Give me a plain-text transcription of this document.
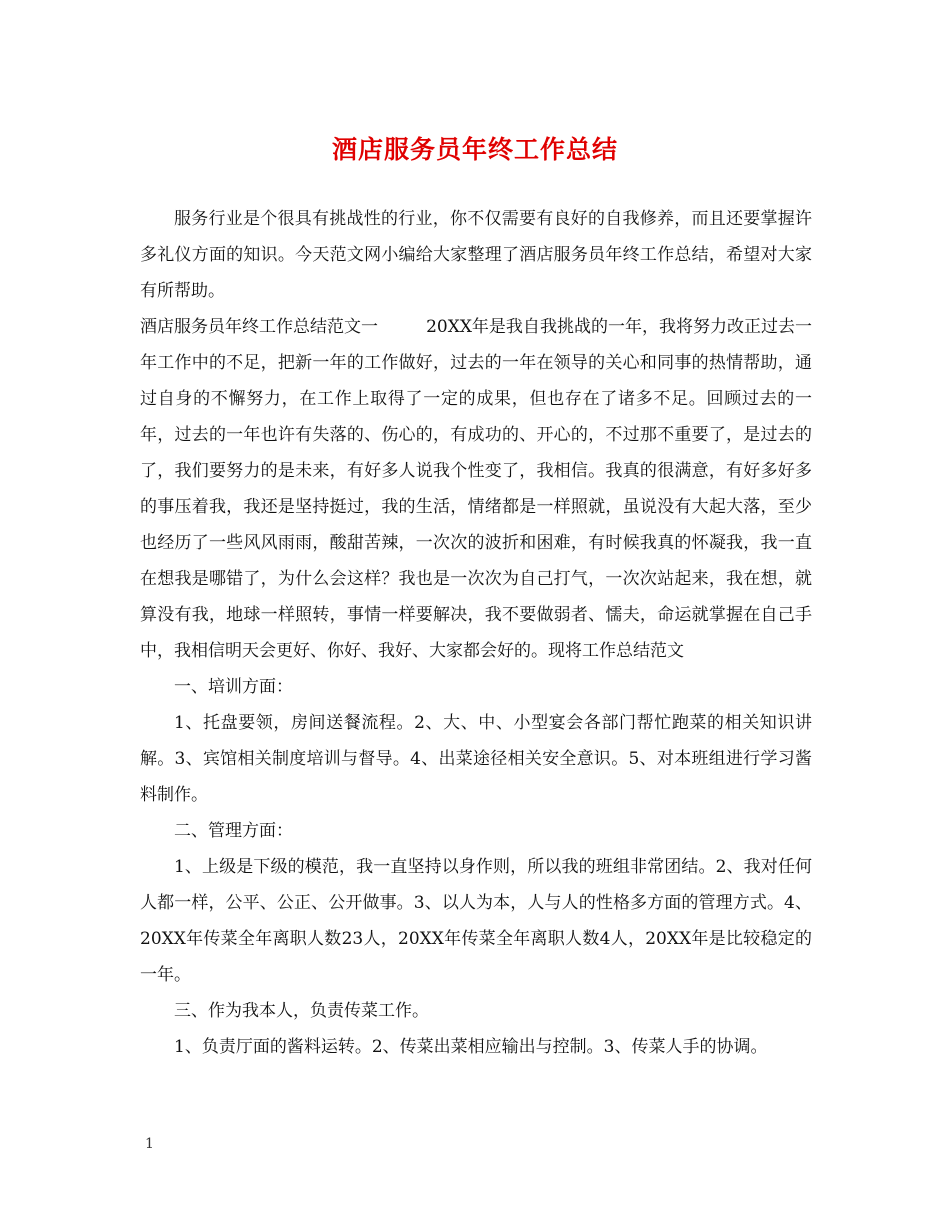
酒店服务员年终工作总结

服务行业是个很具有挑战性的行业，你不仅需要有良好的自我修养，而且还要掌握许多礼仪方面的知识。今天范文网小编给大家整理了酒店服务员年终工作总结，希望对大家有所帮助。

酒店服务员年终工作总结范文一	20XX年是我自我挑战的一年，我将努力改正过去一年工作中的不足，把新一年的工作做好，过去的一年在领导的关心和同事的热情帮助，通过自身的不懈努力，在工作上取得了一定的成果，但也存在了诸多不足。回顾过去的一年，过去的一年也许有失落的、伤心的，有成功的、开心的，不过那不重要了，是过去的了，我们要努力的是未来，有好多人说我个性变了，我相信。我真的很满意，有好多好多的事压着我，我还是坚持挺过，我的生活，情绪都是一样照就，虽说没有大起大落，至少也经历了一些风风雨雨，酸甜苦辣，一次次的波折和困难，有时候我真的怀凝我，我一直在想我是哪错了，为什么会这样？我也是一次次为自己打气，一次次站起来，我在想，就算没有我，地球一样照转，事情一样要解决，我不要做弱者、懦夫，命运就掌握在自己手中，我相信明天会更好、你好、我好、大家都会好的。现将工作总结范文

一、培训方面：

1、托盘要领，房间送餐流程。2、大、中、小型宴会各部门帮忙跑菜的相关知识讲解。3、宾馆相关制度培训与督导。4、出菜途径相关安全意识。5、对本班组进行学习酱料制作。

二、管理方面：

1、上级是下级的模范，我一直坚持以身作则，所以我的班组非常团结。2、我对任何人都一样，公平、公正、公开做事。3、以人为本，人与人的性格多方面的管理方式。4、20XX年传菜全年离职人数23人，20XX年传菜全年离职人数4人，20XX年是比较稳定的一年。

三、作为我本人，负责传菜工作。

1、负责厅面的酱料运转。2、传菜出菜相应输出与控制。3、传菜人手的协调。

1
